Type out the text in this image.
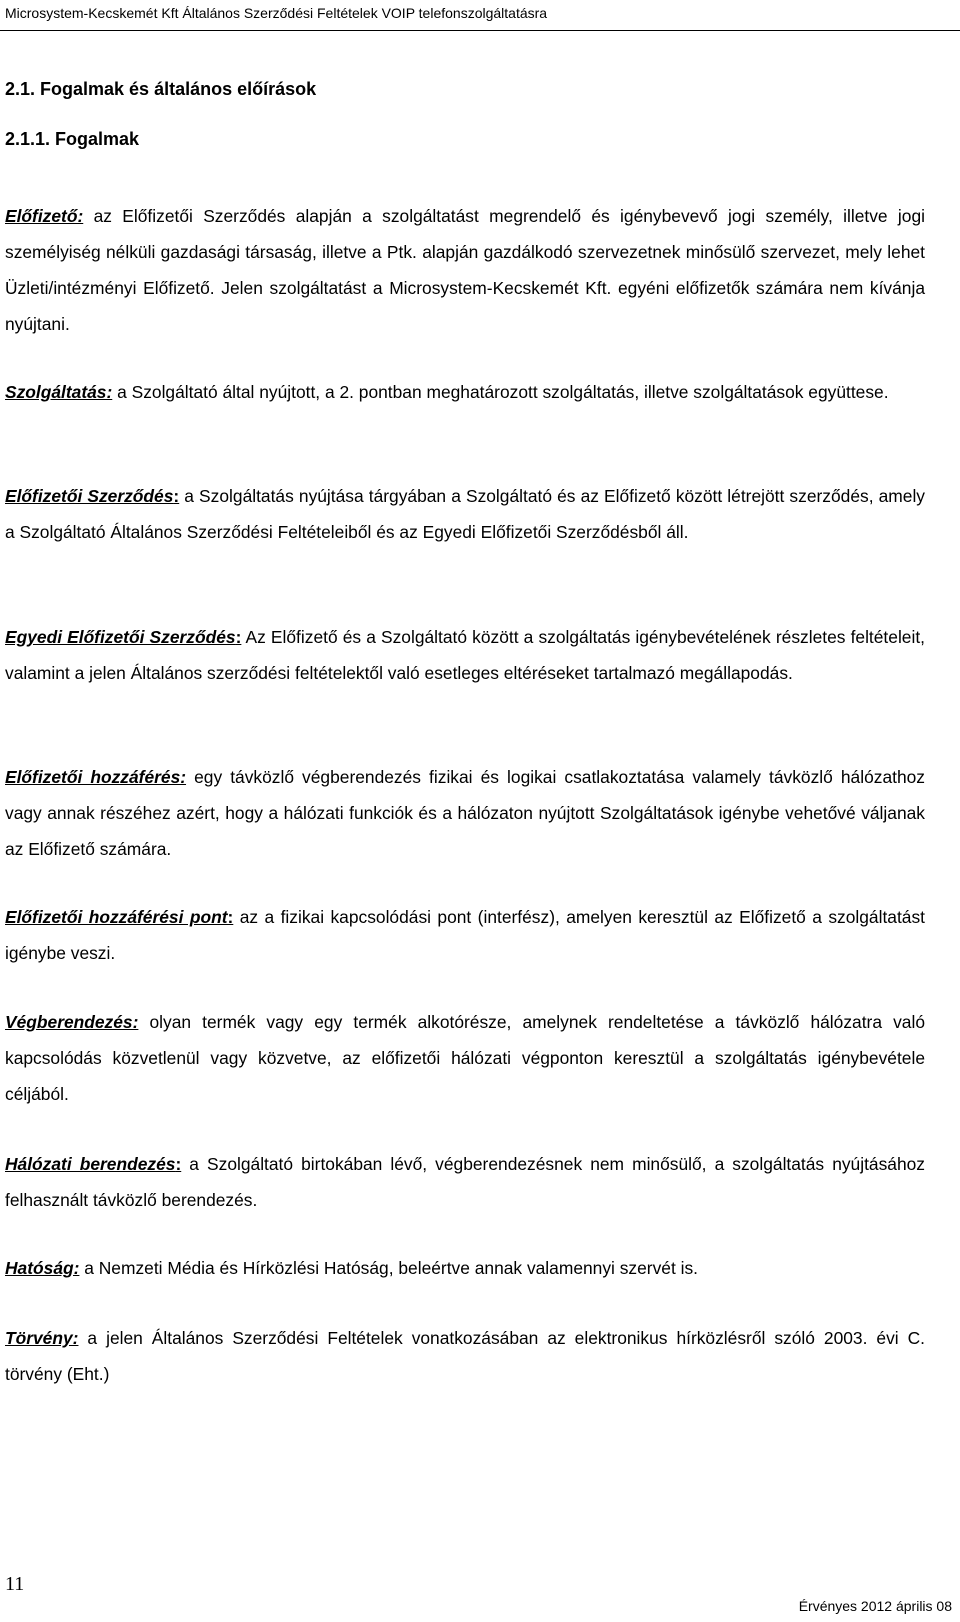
Microsystem-Kecskemét Kft Általános Szerződési Feltételek VOIP telefonszolgáltatásra
2.1. Fogalmak és általános előírások
2.1.1. Fogalmak

Előfizető: az Előfizetői Szerződés alapján a szolgáltatást megrendelő és igénybevevő jogi személy, illetve jogi személyiség nélküli gazdasági társaság, illetve a Ptk. alapján gazdálkodó szervezetnek minősülő szervezet, mely lehet Üzleti/intézményi Előfizető. Jelen szolgáltatást a Microsystem-Kecskemét Kft. egyéni előfizetők számára nem kívánja nyújtani.

Szolgáltatás: a Szolgáltató által nyújtott, a 2. pontban meghatározott szolgáltatás, illetve szolgáltatások együttese.

Előfizetői Szerződés: a Szolgáltatás nyújtása tárgyában a Szolgáltató és az Előfizető között létrejött szerződés, amely a Szolgáltató Általános Szerződési Feltételeiből és az Egyedi Előfizetői Szerződésből áll.

Egyedi Előfizetői Szerződés: Az Előfizető és a Szolgáltató között a szolgáltatás igénybevételének részletes feltételeit, valamint a jelen Általános szerződési feltételektől való esetleges eltéréseket tartalmazó megállapodás.

Előfizetői hozzáférés: egy távközlő végberendezés fizikai és logikai csatlakoztatása valamely távközlő hálózathoz vagy annak részéhez azért, hogy a hálózati funkciók és a hálózaton nyújtott Szolgáltatások igénybe vehetővé váljanak az Előfizető számára.

Előfizetői hozzáférési pont: az a fizikai kapcsolódási pont (interfész), amelyen keresztül az Előfizető a szolgáltatást igénybe veszi.

Végberendezés: olyan termék vagy egy termék alkotórésze, amelynek rendeltetése a távközlő hálózatra való kapcsolódás közvetlenül vagy közvetve, az előfizetői hálózati végponton keresztül a szolgáltatás igénybevétele céljából.

Hálózati berendezés: a Szolgáltató birtokában lévő, végberendezésnek nem minősülő, a szolgáltatás nyújtásához felhasznált távközlő berendezés.

Hatóság: a Nemzeti Média és Hírközlési Hatóság, beleértve annak valamennyi szervét is.

Törvény: a jelen Általános Szerződési Feltételek vonatkozásában az elektronikus hírközlésről szóló 2003. évi C. törvény (Eht.)

11
Érvényes 2012 április 08
